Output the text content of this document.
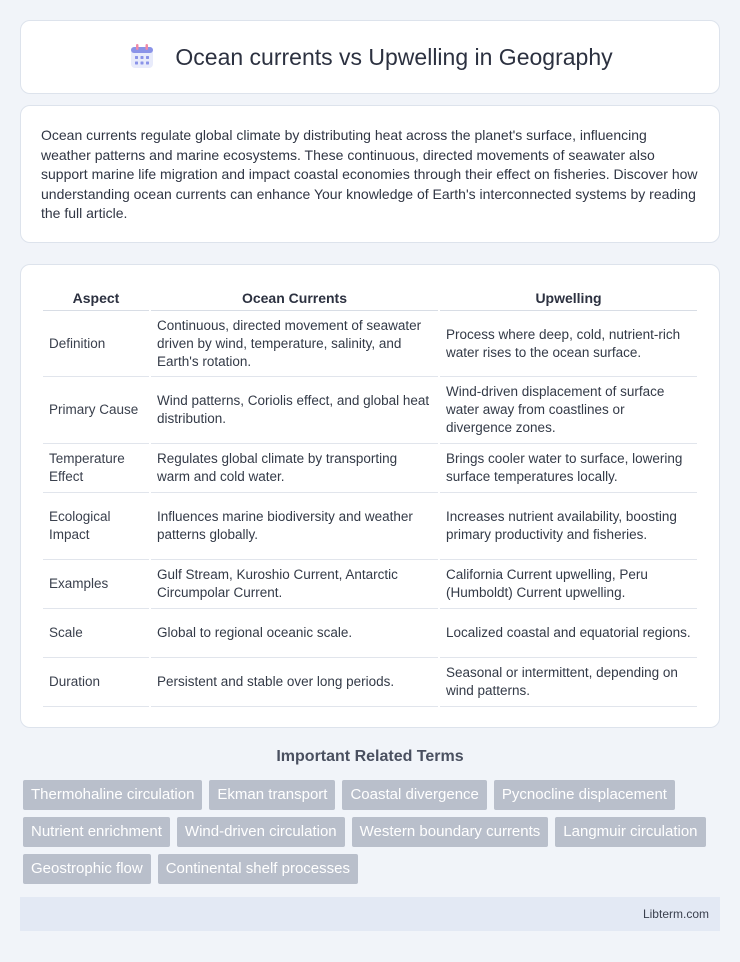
Ocean currents vs Upwelling in Geography

Ocean currents regulate global climate by distributing heat across the planet's surface, influencing weather patterns and marine ecosystems. These continuous, directed movements of seawater also support marine life migration and impact coastal economies through their effect on fisheries. Discover how understanding ocean currents can enhance Your knowledge of Earth's interconnected systems by reading the full article.

Aspect	Ocean Currents	Upwelling
Definition	Continuous, directed movement of seawater driven by wind, temperature, salinity, and Earth's rotation.	Process where deep, cold, nutrient-rich water rises to the ocean surface.
Primary Cause	Wind patterns, Coriolis effect, and global heat distribution.	Wind-driven displacement of surface water away from coastlines or divergence zones.
Temperature Effect	Regulates global climate by transporting warm and cold water.	Brings cooler water to surface, lowering surface temperatures locally.
Ecological Impact	Influences marine biodiversity and weather patterns globally.	Increases nutrient availability, boosting primary productivity and fisheries.
Examples	Gulf Stream, Kuroshio Current, Antarctic Circumpolar Current.	California Current upwelling, Peru (Humboldt) Current upwelling.
Scale	Global to regional oceanic scale.	Localized coastal and equatorial regions.
Duration	Persistent and stable over long periods.	Seasonal or intermittent, depending on wind patterns.
Important Related Terms
Thermohaline circulation	Ekman transport	Coastal divergence	Pycnocline displacement
Nutrient enrichment	Wind-driven circulation	Western boundary currents	Langmuir circulation
Geostrophic flow	Continental shelf processes
Libterm.com
